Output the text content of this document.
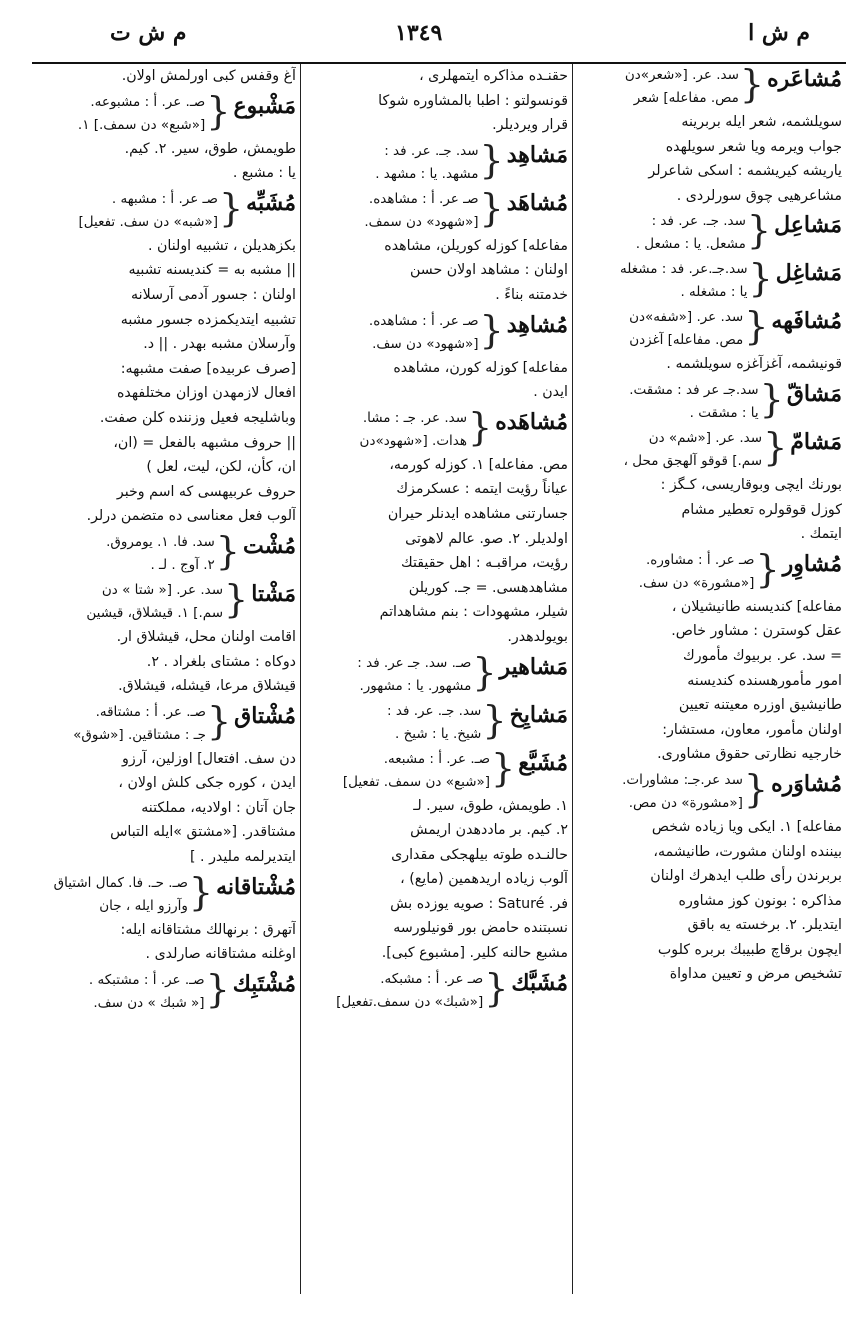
م ش ا
١٣٤٩
م ش ت
مُشاعَره
{
سد. عر. [«شعر»دن
مص. مفاعله] شعر
سويلشمه، شعر ايله بربرينه
جواب ويرمه ويا شعر سويلهده
ياريشه كيريشمه : اسكى شاعرلر
مشاعرهيى چوق سورلردى .
مَشاعِل
{
سد. جـ. عر. فد :
مشعل. يا : مشعل .
مَشاغِل
{
سد.جـ.عر. فد : مشغله
يا : مشغله .
مُشافَهه
{
سد. عر. [«شفه»دن
مص. مفاعله] آغزدن
قونيشمه، آغزآغزه سويلشمه .
مَشاقّ
{
سد.جـ عر فد : مشقت.
يا : مشقت .
مَشامّ
{
سد. عر. [«شم» دن
سم.] قوقو آلهجق محل ،
بورنك ايچى وبوقاريسى، كـگز :
كوزل قوقولره تعطير مشام
ايتمك .
مُشاوِر
{
صـ عر. أ : مشاوره.
[«مشورة» دن سف.
مفاعله] كنديسنه طانيشيلان ،
عقل كوسترن : مشاور خاص.
= سد. عر. بربيوك مأمورك
امور مأمورهسنده كنديسنه
طانيشيق اوزره معيتنه تعيين
اولنان مأمور، معاون، مستشار:
خارجيه نظارتى حقوق مشاورى.
مُشاوَره
{
سد عر.جـ: مشاورات.
[«مشورة» دن مص.
مفاعله] ١. ايكى ويا زياده شخص
بيننده اولنان مشورت، طانيشمه،
بربرندن رأى طلب ايدهرك اولنان
مذاكره : بونون كوز مشاوره
ايتديلر. ٢. برخسته يه باقق
ايچون برقاچ طبيبك بربره كلوب
تشخيص مرض و تعيين مداواة
حقنـده مذاكره ايتمهلرى ،
قونسولتو : اطبا بالمشاوره شوكا
قرار ويرديلر.
مَشاهِد
{
سد. جـ. عر. فد :
مشهد. يا : مشهد .
مُشاهَد
{
صـ عر. أ : مشاهده.
[«شهود» دن سمف.
مفاعله] كوزله كوريلن، مشاهده
اولنان : مشاهد اولان حسن
خدمتنه بناءً .
مُشاهِد
{
صـ عر. أ : مشاهده.
[«شهود» دن سف.
مفاعله] كوزله كورن، مشاهده
ايدن .
مُشاهَده
{
سد. عر. جـ : مشا.
هدات. [«شهود»دن
مص. مفاعله] ١. كوزله كورمه،
عياناً رؤيت ايتمه : عسكرمزك
جسارتنى مشاهده ايدنلر حيران
اولديلر. ٢. صو. عالم لاهوتى
رؤيت، مراقبـه : اهل حقيقتك
مشاهدهسى. = جـ. كوريلن
شيلر، مشهودات : بنم مشاهداتم
بويولدهدر.
مَشاهير
{
صـ. سد. جـ عر. فد :
مشهور. يا : مشهور.
مَشايِخ
{
سد. جـ. عر. فد :
شيخ. يا : شيخ .
مُشَبَّع
{
صـ. عر. أ : مشبعه.
[«شبع» دن سمف. تفعيل]
١. طويمش، طوق، سير. لـ
٢. كيم. بر ماددهدن اريمش
حالنـده طوته بيلهجكى مقدارى
آلوب زياده اريدهمين (مايع) ،
فر. Saturé : صويه يوزده بش
نسبتنده حامض بور قونيلورسه
مشبع حالنه كلير. [مشبوع كبى].
مُشَبَّك
{
صـ عر. أ : مشبكه.
[«شبك» دن سمف.تفعيل]
آغ وقفس كبى اورلمش اولان.
مَشْبوع
{
صـ. عر. أ : مشبوعه.
[«شبع» دن سمف.] ١.
طويمش، طوق، سير. ٢. كيم.
يا : مشبع .
مُشَبِّه
{
صـ عر. أ : مشبهه .
[«شبه» دن سف. تفعيل]
بكزهديلن ، تشبيه اولنان .
|| مشبه به = كنديسنه تشبيه
اولنان : جسور آدمى آرسلانه
تشبيه ايتديكمزده جسور مشبه
وآرسلان مشبه بهدر . || د.
[صرف عربيده] صفت مشبهه:
افعال لازمهدن اوزان مختلفهده
وباشليجه فعيل وزننده كلن صفت.
|| حروف مشبهه بالفعل = (ان،
ان، كأن، لكن، ليت، لعل )
حروف عربيهسى كه اسم وخبر
آلوب فعل معناسى ده متضمن درلر.
مُشْت
{
سد. فا. ١. يومروق.
٢. آوج . لـ .
مَشْتا
{
سد. عر. [« شتا » دن
سم.] ١. قيشلاق، قيشين
اقامت اولنان محل، قيشلاق ار.
دوكاه : مشتاى بلغراد . ٢.
قيشلاق مرعا، قيشله، قيشلاق.
مُشْتاق
{
صـ. عر. أ : مشتاقه.
جـ : مشتاقين. [«شوق»
دن سف. افتعال] اوزلين، آرزو
ايدن ، كوره جكى كلش اولان ،
جان آتان : اولاديه، مملكتنه
مشتاقدر. [«مشتق »ايله التباس
ايتديرلمه مليدر . ]
مُشْتاقانه
{
صـ. حـ. فا. كمال اشتياق
وآرزو ايله ، جان
آتهرق : برنهالك مشتاقانه ايله:
اوغلنه مشتاقانه صارلدى .
مُشْتَبِك
{
صـ. عر. أ : مشتبكه .
[« شبك » دن سف.
